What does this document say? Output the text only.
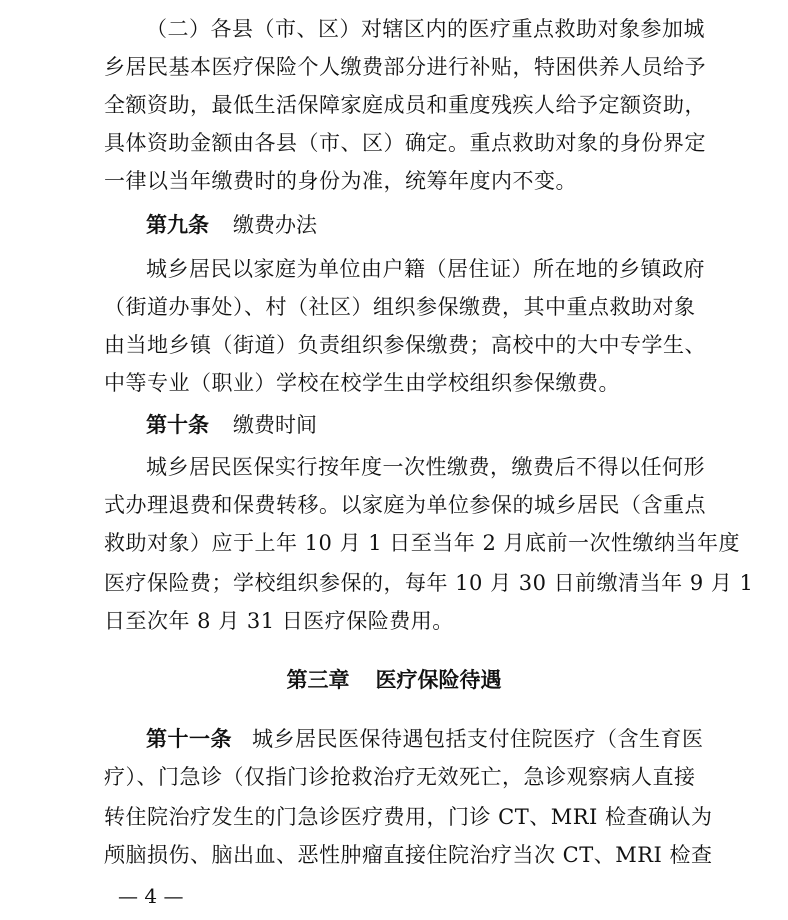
（二）各县（市、区）对辖区内的医疗重点救助对象参加城
乡居民基本医疗保险个人缴费部分进行补贴，特困供养人员给予
全额资助，最低生活保障家庭成员和重度残疾人给予定额资助，
具体资助金额由各县（市、区）确定。重点救助对象的身份界定
一律以当年缴费时的身份为准，统筹年度内不变。
第九条 缴费办法
城乡居民以家庭为单位由户籍（居住证）所在地的乡镇政府
（街道办事处）、村（社区）组织参保缴费，其中重点救助对象
由当地乡镇（街道）负责组织参保缴费；高校中的大中专学生、
中等专业（职业）学校在校学生由学校组织参保缴费。
第十条 缴费时间
城乡居民医保实行按年度一次性缴费，缴费后不得以任何形
式办理退费和保费转移。以家庭为单位参保的城乡居民（含重点
救助对象）应于上年 10 月 1 日至当年 2 月底前一次性缴纳当年度
医疗保险费；学校组织参保的，每年 10 月 30 日前缴清当年 9 月 1
日至次年 8 月 31 日医疗保险费用。
第三章 医疗保险待遇
第十一条 城乡居民医保待遇包括支付住院医疗（含生育医
疗）、门急诊（仅指门诊抢救治疗无效死亡，急诊观察病人直接
转住院治疗发生的门急诊医疗费用，门诊 CT、MRI 检查确认为
颅脑损伤、脑出血、恶性肿瘤直接住院治疗当次 CT、MRI 检查
— 4 —
